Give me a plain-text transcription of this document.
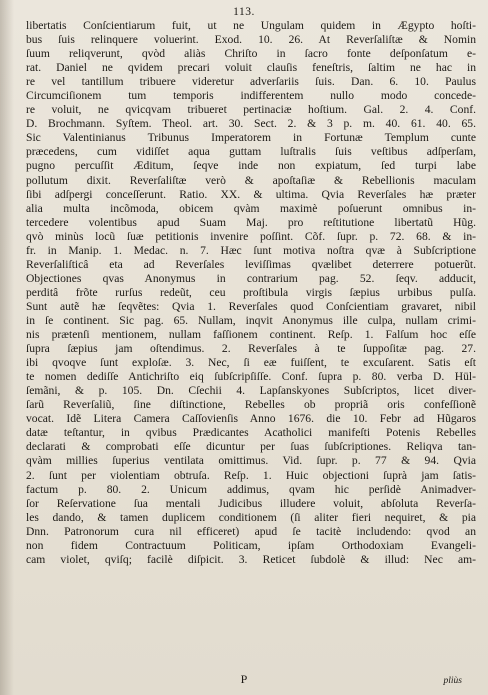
113.
libertatis Conſcientiarum fuit, ut ne Ungulam quidem in Ægypto hoſti-
bus ſuis relinquere voluerint. Exod. 10. 26. At Reverſaliſtæ & Nomin
ſuum reliqverunt, qvòd aliàs Chriſto in ſacro fonte deſponſatum e-
rat. Daniel ne qvidem precari voluit clauſis feneſtris, ſaltim ne hac in
re vel tantillum tribuere videretur adverſariis ſuis. Dan. 6. 10. Paulus
Circumciſionem tum temporis indifferentem nullo modo concede-
re voluit, ne qvicqvam tribueret pertinaciæ hoſtium. Gal. 2. 4. Conf.
D. Brochmann. Syſtem. Theol. art. 30. Sect. 2. & 3 p. m. 40. 61. 40. 65.
Sic Valentinianus Tribunus Imperatorem in Fortunæ Templum cunte
præcedens, cum vidiſſet aqua guttam luſtralis ſuis veſtibus adſperſam,
pugno percuſſit Æditum, ſeqve inde non expiatum, ſed turpi labe
pollutum dixit. Reverſaliſtæ verò & apoſtaſiæ & Rebellionis maculam
ſibi adſpergi conceſſerunt. Ratio. XX. & ultima. Qvia Reverſales hæ præter
alia multa incõmoda, obicem qvàm maximè poſuerunt omnibus in-
tercedere volentibus apud Suam Maj. pro reſtitutione libertatũ Hũg.
qvò minùs locũ ſuæ petitionis invenire poſſint. Cõf. ſupr. p. 72. 68. & in-
fr. in Manip. 1. Medac. n. 7. Hæc ſunt motiva noſtra qvæ à Subſcriptione
Reverſaliſticâ eta ad Reverſales leviſſimas qvælibet deterrere potuerũt.
Objectiones qvas Anonymus in contrarium pag. 52. ſeqv. adducit,
perditâ frõte rurſus redeũt, ceu proſtibula virgis ſæpius urbibus pulſa.
Sunt autẽ hæ ſeqvẽtes: Qvia 1. Reverſales quod Conſcientiam gravaret, nibil
in ſe continent. Sic pag. 65. Nullam, inqvit Anonymus ille culpa, nullam crimi-
nis prætenſi mentionem, nullam faſſionem continent. Reſp. 1. Falſum hoc eſſe
ſupra ſæpius jam oſtendimus. 2. Reverſales à te ſuppoſitæ pag. 27.
ibi qvoqve ſunt exploſæ. 3. Nec, ſi eæ fuiſſent, te excuſarent. Satis eſt
te nomen dediſſe Antichriſto eiq ſubſcripſiſſe. Conf. ſupra p. 80. verba D. Hül-
ſemãni, & p. 105. Dn. Cſechii 4. Lapſanskyones Subſcriptos, licet diver-
ſarũ Reverſaliũ, ſine diſtinctione, Rebelles ob propriã oris confeſſionẽ
vocat. Idẽ Litera Camera Caſſovienſis Anno 1676. die 10. Febr ad Hũgaros
datæ teſtantur, in qvibus Prædicantes Acatholici manifeſti Potenis Rebelles
declarati & comprobati eſſe dicuntur per ſuas ſubſcriptiones. Reliqva tan-
qvàm millies ſuperius ventilata omittimus. Vid. ſupr. p. 77 & 94. Qvia
2. ſunt per violentiam obtruſa. Reſp. 1. Huic objectioni ſuprà jam ſatis-
factum p. 80. 2. Unicum addimus, qvam hic perſidè Animadver-
ſor Reſervatione ſua mentali Judicibus illudere voluit, abſoluta Reverſa-
les dando, & tamen duplicem conditionem (ſi aliter fieri nequiret, & pia
Dnn. Patronorum cura nil efficeret) apud ſe tacitè includendo: qvod an
non fidem Contractuum Politicam, ipſam Orthodoxiam Evangeli-
cam violet, qviſq; facilè diſpicit. 3. Reticet ſubdolè & illud: Nec am-
P	pliùs
